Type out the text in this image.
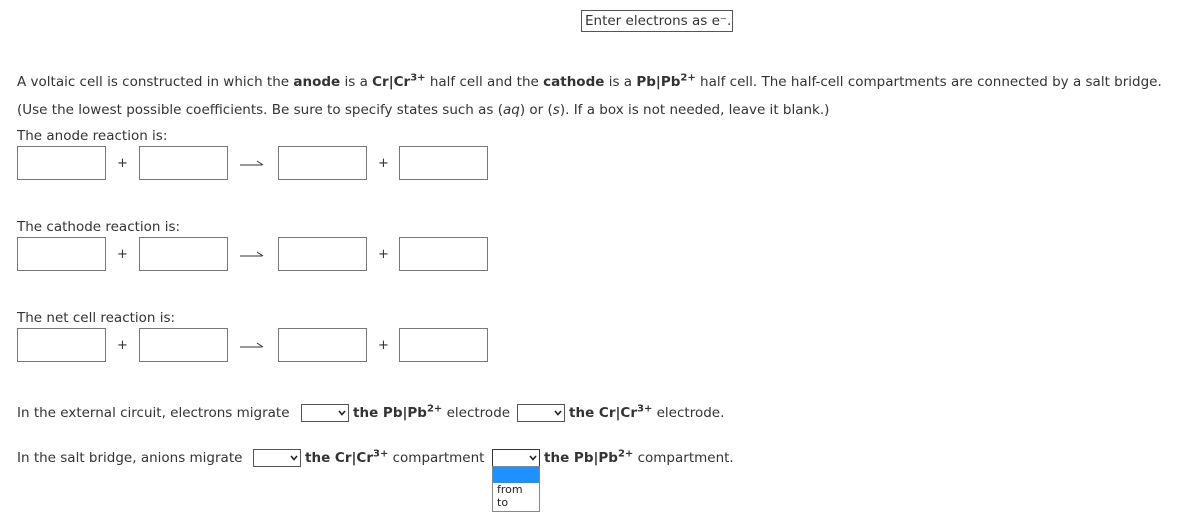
Enter electrons as e⁻.
A voltaic cell is constructed in which the anode is a $Cr|Cr^{3+}$ half cell and the cathode is a $Pb|Pb^{2+}$ half cell. The half-cell compartments are connected by a salt bridge.
(Use the lowest possible coefficients. Be sure to specify states such as (aq) or (s). If a box is not needed, leave it blank.)
The anode reaction is:
+	+
The cathode reaction is:
+	+
The net cell reaction is:
+	+
In the external circuit, electrons migrate	the $Pb|Pb^{2+}$ electrode	the $Cr|Cr^{3+}$ electrode.
In the salt bridge, anions migrate	the $Cr|Cr^{3+}$ compartment	the $Pb|Pb^{2+}$ compartment.
from
to
